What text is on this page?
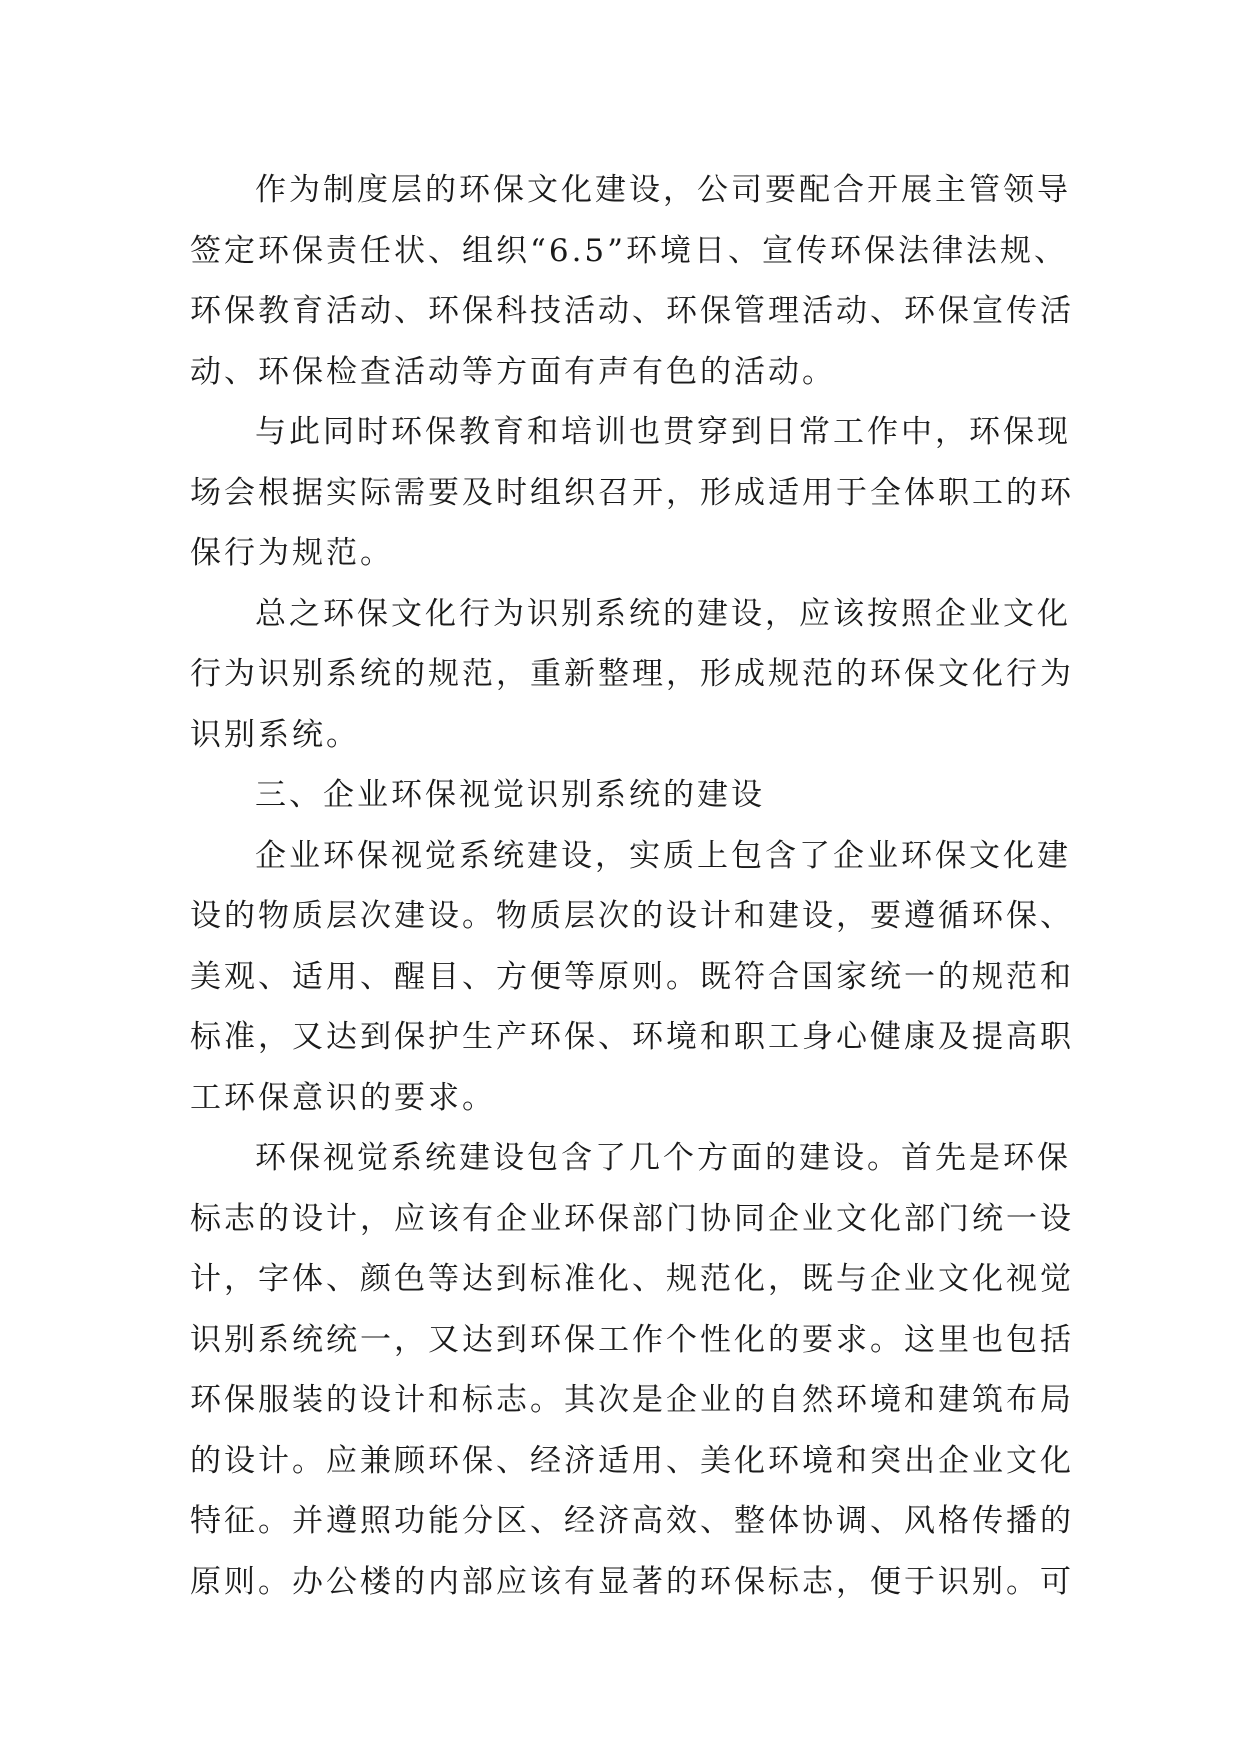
作为制度层的环保文化建设，公司要配合开展主管领导
签定环保责任状、组织“6.5”环境日、宣传环保法律法规、
环保教育活动、环保科技活动、环保管理活动、环保宣传活
动、环保检查活动等方面有声有色的活动。
与此同时环保教育和培训也贯穿到日常工作中，环保现
场会根据实际需要及时组织召开，形成适用于全体职工的环
保行为规范。
总之环保文化行为识别系统的建设，应该按照企业文化
行为识别系统的规范，重新整理，形成规范的环保文化行为
识别系统。
三、企业环保视觉识别系统的建设
企业环保视觉系统建设，实质上包含了企业环保文化建
设的物质层次建设。物质层次的设计和建设，要遵循环保、
美观、适用、醒目、方便等原则。既符合国家统一的规范和
标准，又达到保护生产环保、环境和职工身心健康及提高职
工环保意识的要求。
环保视觉系统建设包含了几个方面的建设。首先是环保
标志的设计，应该有企业环保部门协同企业文化部门统一设
计，字体、颜色等达到标准化、规范化，既与企业文化视觉
识别系统统一，又达到环保工作个性化的要求。这里也包括
环保服装的设计和标志。其次是企业的自然环境和建筑布局
的设计。应兼顾环保、经济适用、美化环境和突出企业文化
特征。并遵照功能分区、经济高效、整体协调、风格传播的
原则。办公楼的内部应该有显著的环保标志，便于识别。可
